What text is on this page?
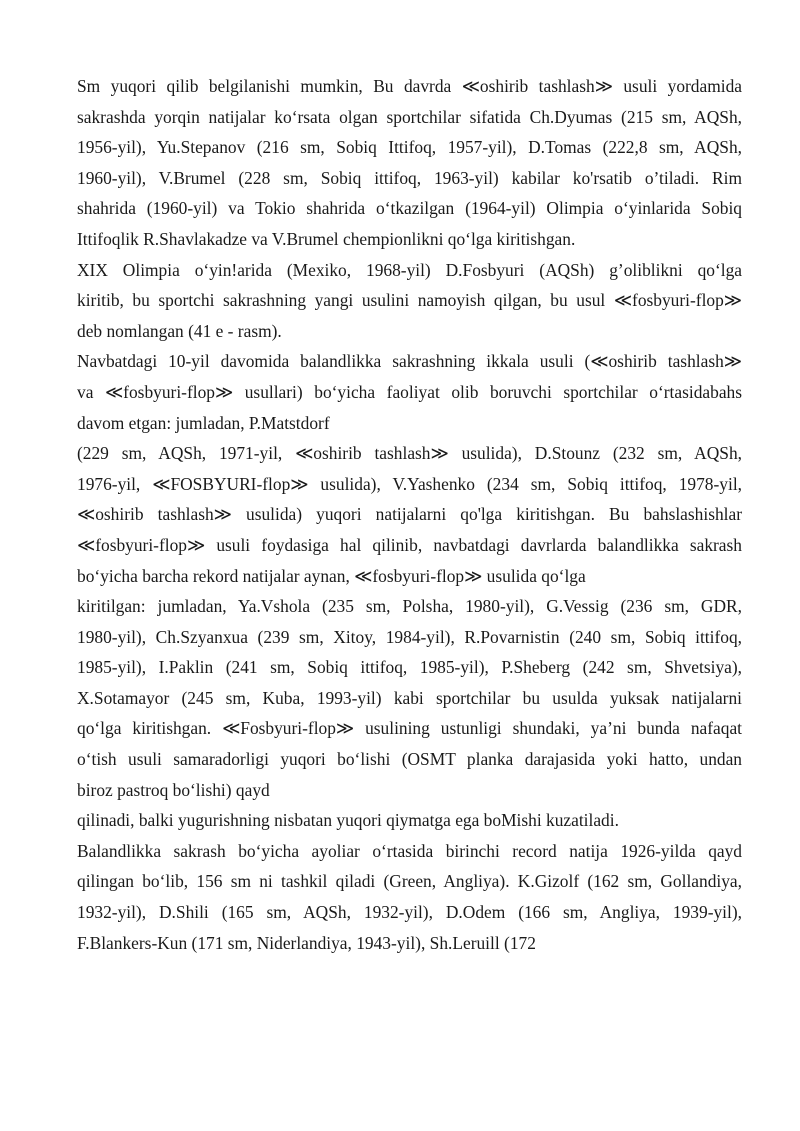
Sm yuqori qilib belgilanishi mumkin, Bu davrda ≪oshirib tashlash≫ usuli yordamida
sakrashda yorqin natijalar ko‘rsata olgan sportchilar sifatida Ch.Dyumas (215 sm, AQSh,
1956-yil), Yu.Stepanov (216 sm, Sobiq Ittifoq, 1957-yil), D.Tomas (222,8 sm, AQSh,
1960-yil), V.Brumel (228 sm, Sobiq ittifoq, 1963-yil) kabilar ko'rsatib o’tiladi. Rim
shahrida (1960-yil) va Tokio shahrida o‘tkazilgan (1964-yil) Olimpia o‘yinlarida Sobiq
Ittifoqlik R.Shavlakadze va V.Brumel chempionlikni qo‘lga kiritishgan.
XIX Olimpia o‘yin!arida (Mexiko, 1968-yil) D.Fosbyuri (AQSh) g’oliblikni qo‘lga
kiritib, bu sportchi sakrashning yangi usulini namoyish qilgan, bu usul ≪fosbyuri-flop≫
deb nomlangan (41 e - rasm).
Navbatdagi 10-yil davomida balandlikka sakrashning ikkala usuli (≪oshirib tashlash≫
va ≪fosbyuri-flop≫ usullari) bo‘yicha faoliyat olib boruvchi sportchilar o‘rtasidabahs
davom etgan: jumladan, P.Matstdorf
(229 sm, AQSh, 1971-yil, ≪oshirib tashlash≫ usulida), D.Stounz (232 sm, AQSh,
1976-yil, ≪FOSBYURI-flop≫ usulida), V.Yashenko (234 sm, Sobiq ittifoq, 1978-yil,
≪oshirib tashlash≫ usulida) yuqori natijalarni qo'lga kiritishgan. Bu bahslashishlar
≪fosbyuri-flop≫ usuli foydasiga hal qilinib, navbatdagi davrlarda balandlikka sakrash
bo‘yicha barcha rekord natijalar aynan, ≪fosbyuri-flop≫ usulida qo‘lga
kiritilgan: jumladan, Ya.Vshola (235 sm, Polsha, 1980-yil), G.Vessig (236 sm, GDR,
1980-yil), Ch.Szyanxua (239 sm, Xitoy, 1984-yil), R.Povarnistin (240 sm, Sobiq ittifoq,
1985-yil), I.Paklin (241 sm, Sobiq ittifoq, 1985-yil), P.Sheberg (242 sm, Shvetsiya),
X.Sotamayor (245 sm, Kuba, 1993-yil) kabi sportchilar bu usulda yuksak natijalarni
qo‘lga kiritishgan. ≪Fosbyuri-flop≫ usulining ustunligi shundaki, ya’ni bunda nafaqat
o‘tish usuli samaradorligi yuqori bo‘lishi (OSMT planka darajasida yoki hatto, undan
biroz pastroq bo‘lishi) qayd
qilinadi, balki yugurishning nisbatan yuqori qiymatga ega boMishi kuzatiladi.
Balandlikka sakrash bo‘yicha ayoliar o‘rtasida birinchi record natija 1926-yilda qayd
qilingan bo‘lib, 156 sm ni tashkil qiladi (Green, Angliya). K.Gizolf (162 sm, Gollandiya,
1932-yil), D.Shili (165 sm, AQSh, 1932-yil), D.Odem (166 sm, Angliya, 1939-yil),
F.Blankers-Kun (171 sm, Niderlandiya, 1943-yil), Sh.Leruill (172
